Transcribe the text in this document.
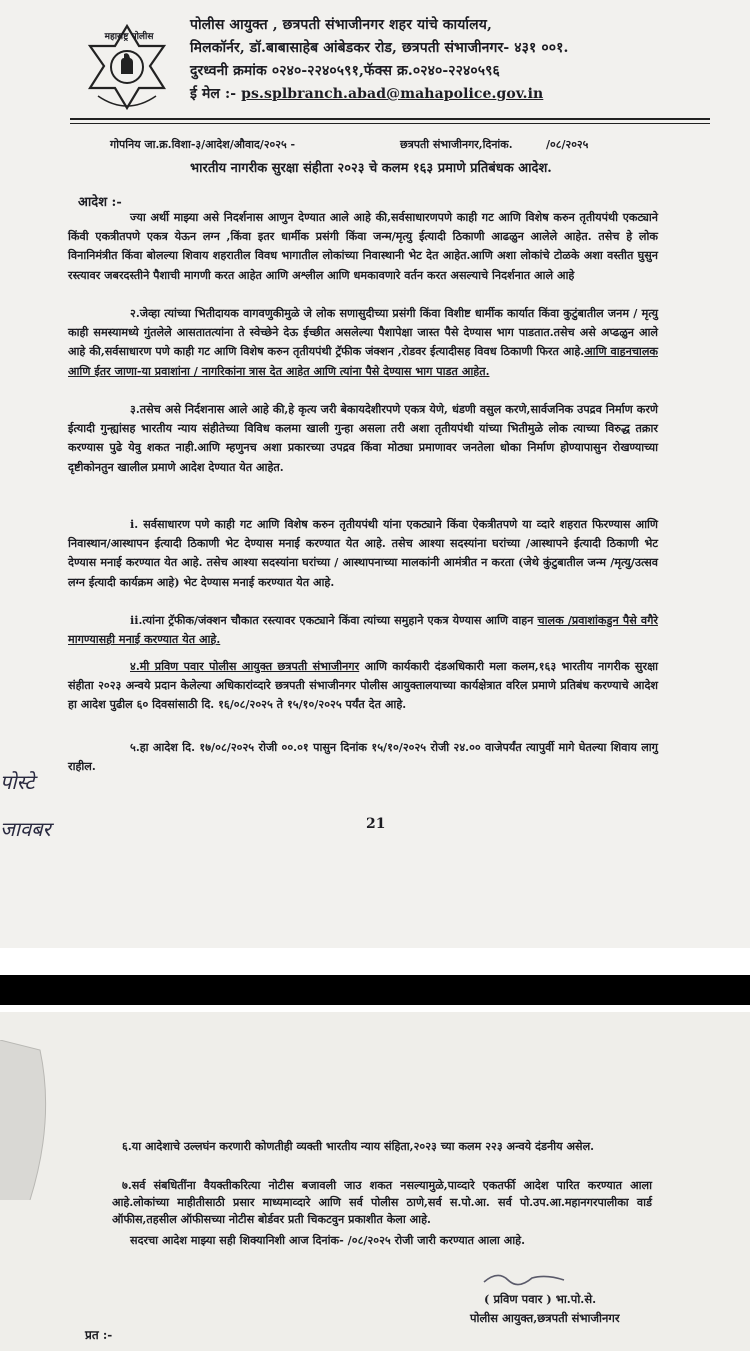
महाराष्ट्र पोलीस
पोलीस आयुक्त , छत्रपती संभाजीनगर शहर यांचे कार्यालय,
मिलकॉर्नर, डॉ.बाबासाहेब आंबेडकर रोड, छत्रपती संभाजीनगर- ४३१ ००१.
दुरध्वनी क्रमांक ०२४०-२२४०५९१,फॅक्स क्र.०२४०-२२४०५९६
ई मेल :- ps.splbranch.abad@mahapolice.gov.in
गोपनिय जा.क्र.विशा-३/आदेश/औवाद/२०२५ -	छत्रपती संभाजीनगर,दिनांक.	/०८/२०२५
भारतीय नागरीक सुरक्षा संहीता २०२३ चे कलम १६३ प्रमाणे प्रतिबंधक आदेश.
आदेश :-

ज्या अर्थी माझ्या असे निदर्शनास आणुन देण्यात आले आहे की,सर्वसाधारणपणे काही गट आणि विशेष करुन तृतीयपंथी एकट्याने किंवी एकत्रीतपणे एकत्र येऊन लग्न ,किंवा इतर धार्मीक प्रसंगी किंवा जन्म/मृत्यु ईत्यादी ठिकाणी आढळुन आलेले आहेत. तसेच हे लोक विनानिमंत्रीत किंवा बोलल्या शिवाय शहरातील विवध भागातील लोकांच्या निवास्थानी भेट देत आहेत.आणि अशा लोकांचे टोळके अशा वस्तीत घुसुन रस्त्यावर जबरदस्तीने पैशाची मागणी करत आहेत आणि अश्लील आणि धमकावणारे वर्तन करत असल्याचे निदर्शनात आले आहे

२.जेव्हा त्यांच्या भितीदायक वागवणुकीमुळे जे लोक सणासुदीच्या प्रसंगी किंवा विशीष्ट धार्मीक कार्यात किंवा कुटुंबातील जनम / मृत्यु काही समस्यामध्ये गुंतलेले आसतातत्यांना ते स्वेच्छेने देऊ ईच्छीत असलेल्या पैशापेक्षा जास्त पैसे देण्यास भाग पाडतात.तसेच असे अप्ढळुन आले आहे की,सर्वसाधारण पणे काही गट आणि विशेष करुन तृतीयपंथी ट्रॅफीक जंक्शन ,रोडवर ईत्यादीसह विवध ठिकाणी फिरत आहे.आणि वाहनचालक आणि ईतर जाणा-या प्रवाशांना / नागरिकांना त्रास देत आहेत आणि त्यांना पैसे देण्यास भाग पाडत आहेत.

३.तसेच असे निर्दशनास आले आहे की,हे कृत्य जरी बेकायदेशीरपणे एकत्र येणे, धंडणी वसुल करणे,सार्वजनिक उपद्रव निर्माण करणे ईत्यादी गुन्ह्यांसह भारतीय न्याय संहीतेच्या विविध कलमा खाली गुन्हा असला तरी अशा तृतीयपंथी यांच्या भितीमुळे लोक त्याच्या विरुद्ध तक्रार करण्यास पुढे येवु शकत नाही.आणि म्हणुनच अशा प्रकारच्या उपद्रव किंवा मोठ्या प्रमाणावर जनतेला धोका निर्माण होण्यापासुन रोखण्याच्या दृष्टीकोनतुन खालील प्रमाणे आदेश देण्यात येत आहेत.

i. सर्वसाधारण पणे काही गट आणि विशेष करुन तृतीयपंथी यांना एकट्याने किंवा ऐकत्रीतपणे या व्दारे शहरात फिरण्यास आणि निवास्थान/आस्थापन ईत्यादी ठिकाणी भेट देण्यास मनाई करण्यात येत आहे. तसेच आश्या सदस्यांना घरांच्या /आस्थापने ईत्यादी ठिकाणी भेट देण्यास मनाई करण्यात येत आहे. तसेच आश्या सदस्यांना घरांच्या / आस्थापनाच्या मालकांनी आमंत्रीत न करता (जेथे कुंटुबातील जन्म /मृत्यु/उत्सव लग्न ईत्यादी कार्यक्रम आहे) भेट देण्यास मनाई करण्यात येत आहे.

ii.त्यांना ट्रॅफीक/जंक्शन चौकात रस्त्यावर एकट्याने किंवा त्यांच्या समुहाने एकत्र येण्यास आणि वाहन चालक /प्रवाशांकडुन पैसे वगैरे मागण्यासही मनाई करण्यात येत आहे.

४.मी प्रविण पवार पोलीस आयुक्त छत्रपती संभाजीनगर आणि कार्यकारी दंडअधिकारी मला कलम,१६३ भारतीय नागरीक सुरक्षा संहीता २०२३ अन्वये प्रदान केलेल्या अधिकारांव्दारे छत्रपती संभाजीनगर पोलीस आयुक्तालयाच्या कार्यक्षेत्रात वरिल प्रमाणे प्रतिबंध करण्याचे आदेश हा आदेश पुढील ६० दिवसांसाठी दि. १६/०८/२०२५ ते १५/१०/२०२५ पर्यंत देत आहे.

५.हा आदेश दि. १७/०८/२०२५ रोजी ००.०१ पासुन दिनांक १५/१०/२०२५ रोजी २४.०० वाजेपर्यंत त्यापुर्वी मागे घेतल्या शिवाय लागु राहील.

पोस्टे
जावबर	21

६.या आदेशाचे उल्लघंन करणारी कोणतीही व्यक्ती भारतीय न्याय संहिता,२०२३ च्या कलम २२३ अन्वये दंडनीय असेल.

७.सर्व संबधितींना वैयक्तीकरित्या नोटीस बजावली जाउ शकत नसल्यामुळे,पाव्दारे एकतर्फी आदेश पारित करण्यात आला आहे.लोकांच्या माहीतीसाठी प्रसार माध्यमाव्दारे आणि सर्व पोलीस ठाणे,सर्व स.पो.आ. सर्व पो.उप.आ.महानगरपालीका वार्ड ऑफीस,तहसील ऑफीसच्या नोटीस बोर्डवर प्रती चिकटवुन प्रकाशीत केला आहे.

सदरचा आदेश माझ्या सही शिक्यानिशी आज दिनांक- /०८/२०२५ रोजी जारी करण्यात आला आहे.

( प्रविण पवार ) भा.पो.से.
पोलीस आयुक्त,छत्रपती संभाजीनगर
प्रत :-
